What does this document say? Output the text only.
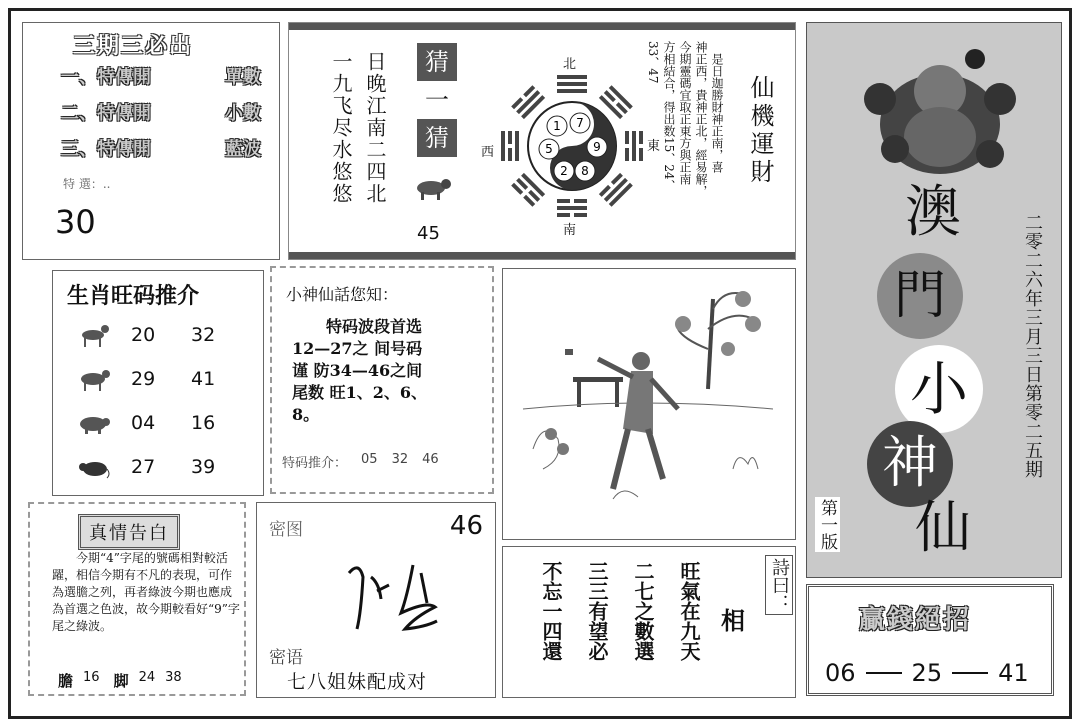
三期三必出
一、特傳開	單數
二、特傳開	小數
三、特傳開	藍波
特 選：..
30
一九飞尽水悠悠 日晚江南二四北	猜
一
猜
45
北
南
西	東
1 7
5	9
2 8
33、47 方相結合，得出数15、24、 今期靈碼宜取正東方與正南 神正西，貴神正北，經易解， 是日迦勝財神正南，喜 仙機運財
澳
門
小
神
仙
第一版
二零二六年三月三日第零二五期
生肖旺码推介
20	32
29	41
04	16
27	39
小神仙話您知：
特码波段首选
12—27之 间号码
谨 防34—46之间
尾数 旺1、2、6、
8。
特码推介： 05 32 46
真情告白
今期“4”字尾的號碼相對較活躍，相信今期有不凡的表現，可作為選膽之列，再者綠波今期也應成為首選之色波，故今期較看好“9”字尾之綠波。
膽 16 脚 24 38
密图	46
密语
七八姐妹配成对
不忘一四還 三三有望必 二七之數選 旺氣在九天 相
詩曰：
贏錢絕招
06 25 41
